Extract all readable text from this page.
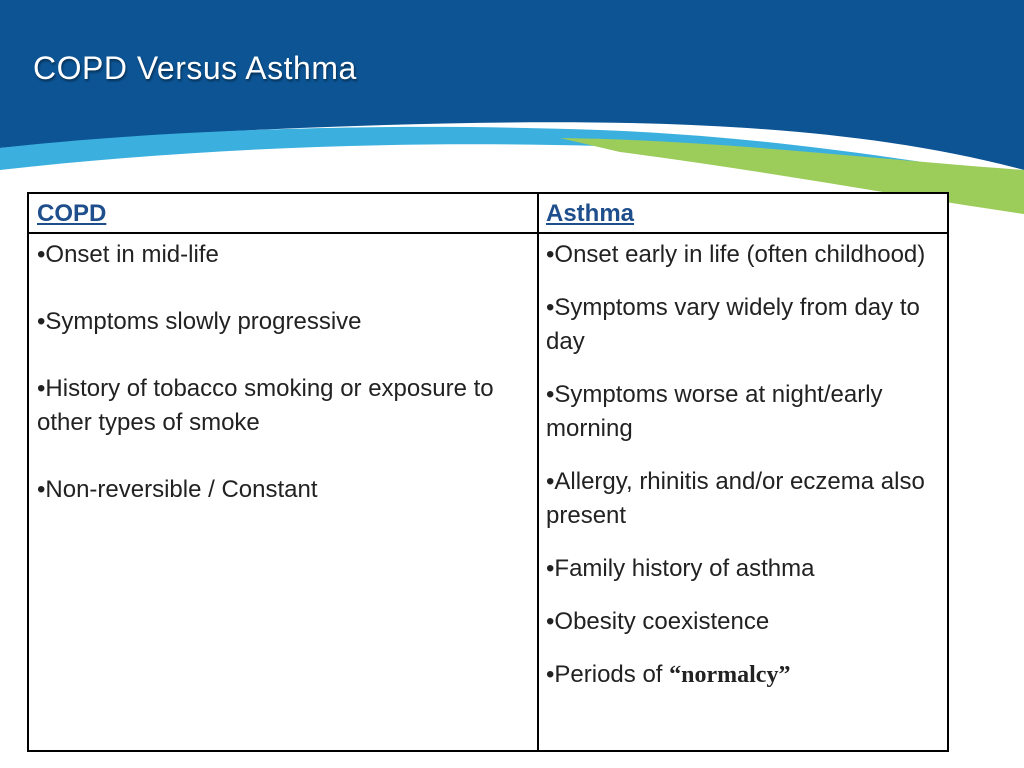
COPD Versus Asthma
COPD	Asthma
•Onset in mid-life
•Symptoms slowly progressive
•History of tobacco smoking or exposure to other types of smoke
•Non-reversible / Constant
•Onset early in life (often childhood)
•Symptoms vary widely from day to day
•Symptoms worse at night/early morning
•Allergy, rhinitis and/or eczema also present
•Family history of asthma
•Obesity coexistence
•Periods of “normalcy”
